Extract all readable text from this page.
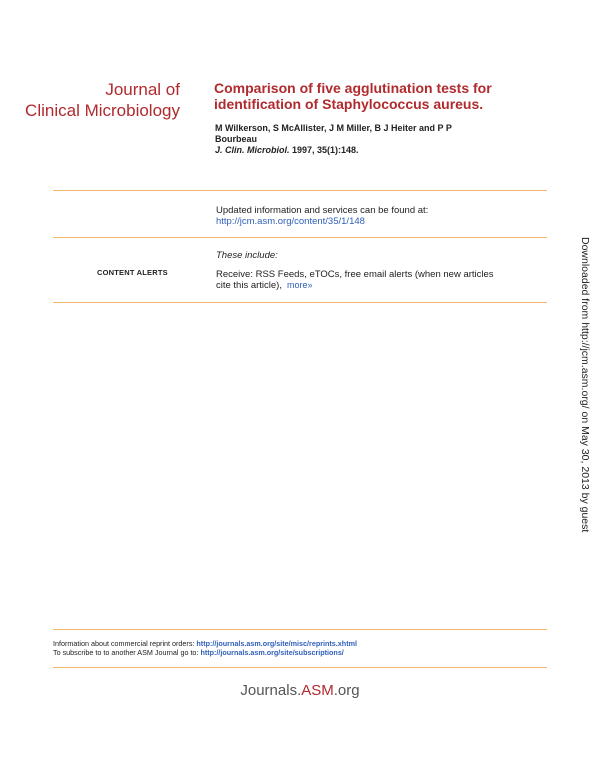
Journal of
Clinical Microbiology
Comparison of five agglutination tests for
identification of Staphylococcus aureus.
M Wilkerson, S McAllister, J M Miller, B J Heiter and P P
Bourbeau
J. Clin. Microbiol. 1997, 35(1):148.
Updated information and services can be found at:
http://jcm.asm.org/content/35/1/148
These include:
CONTENT ALERTS	Receive: RSS Feeds, eTOCs, free email alerts (when new articles
cite this article), more»
Information about commercial reprint orders: http://journals.asm.org/site/misc/reprints.xhtml
To subscribe to to another ASM Journal go to: http://journals.asm.org/site/subscriptions/
Journals.ASM.org
Downloaded from http://jcm.asm.org/ on May 30, 2013 by guest
